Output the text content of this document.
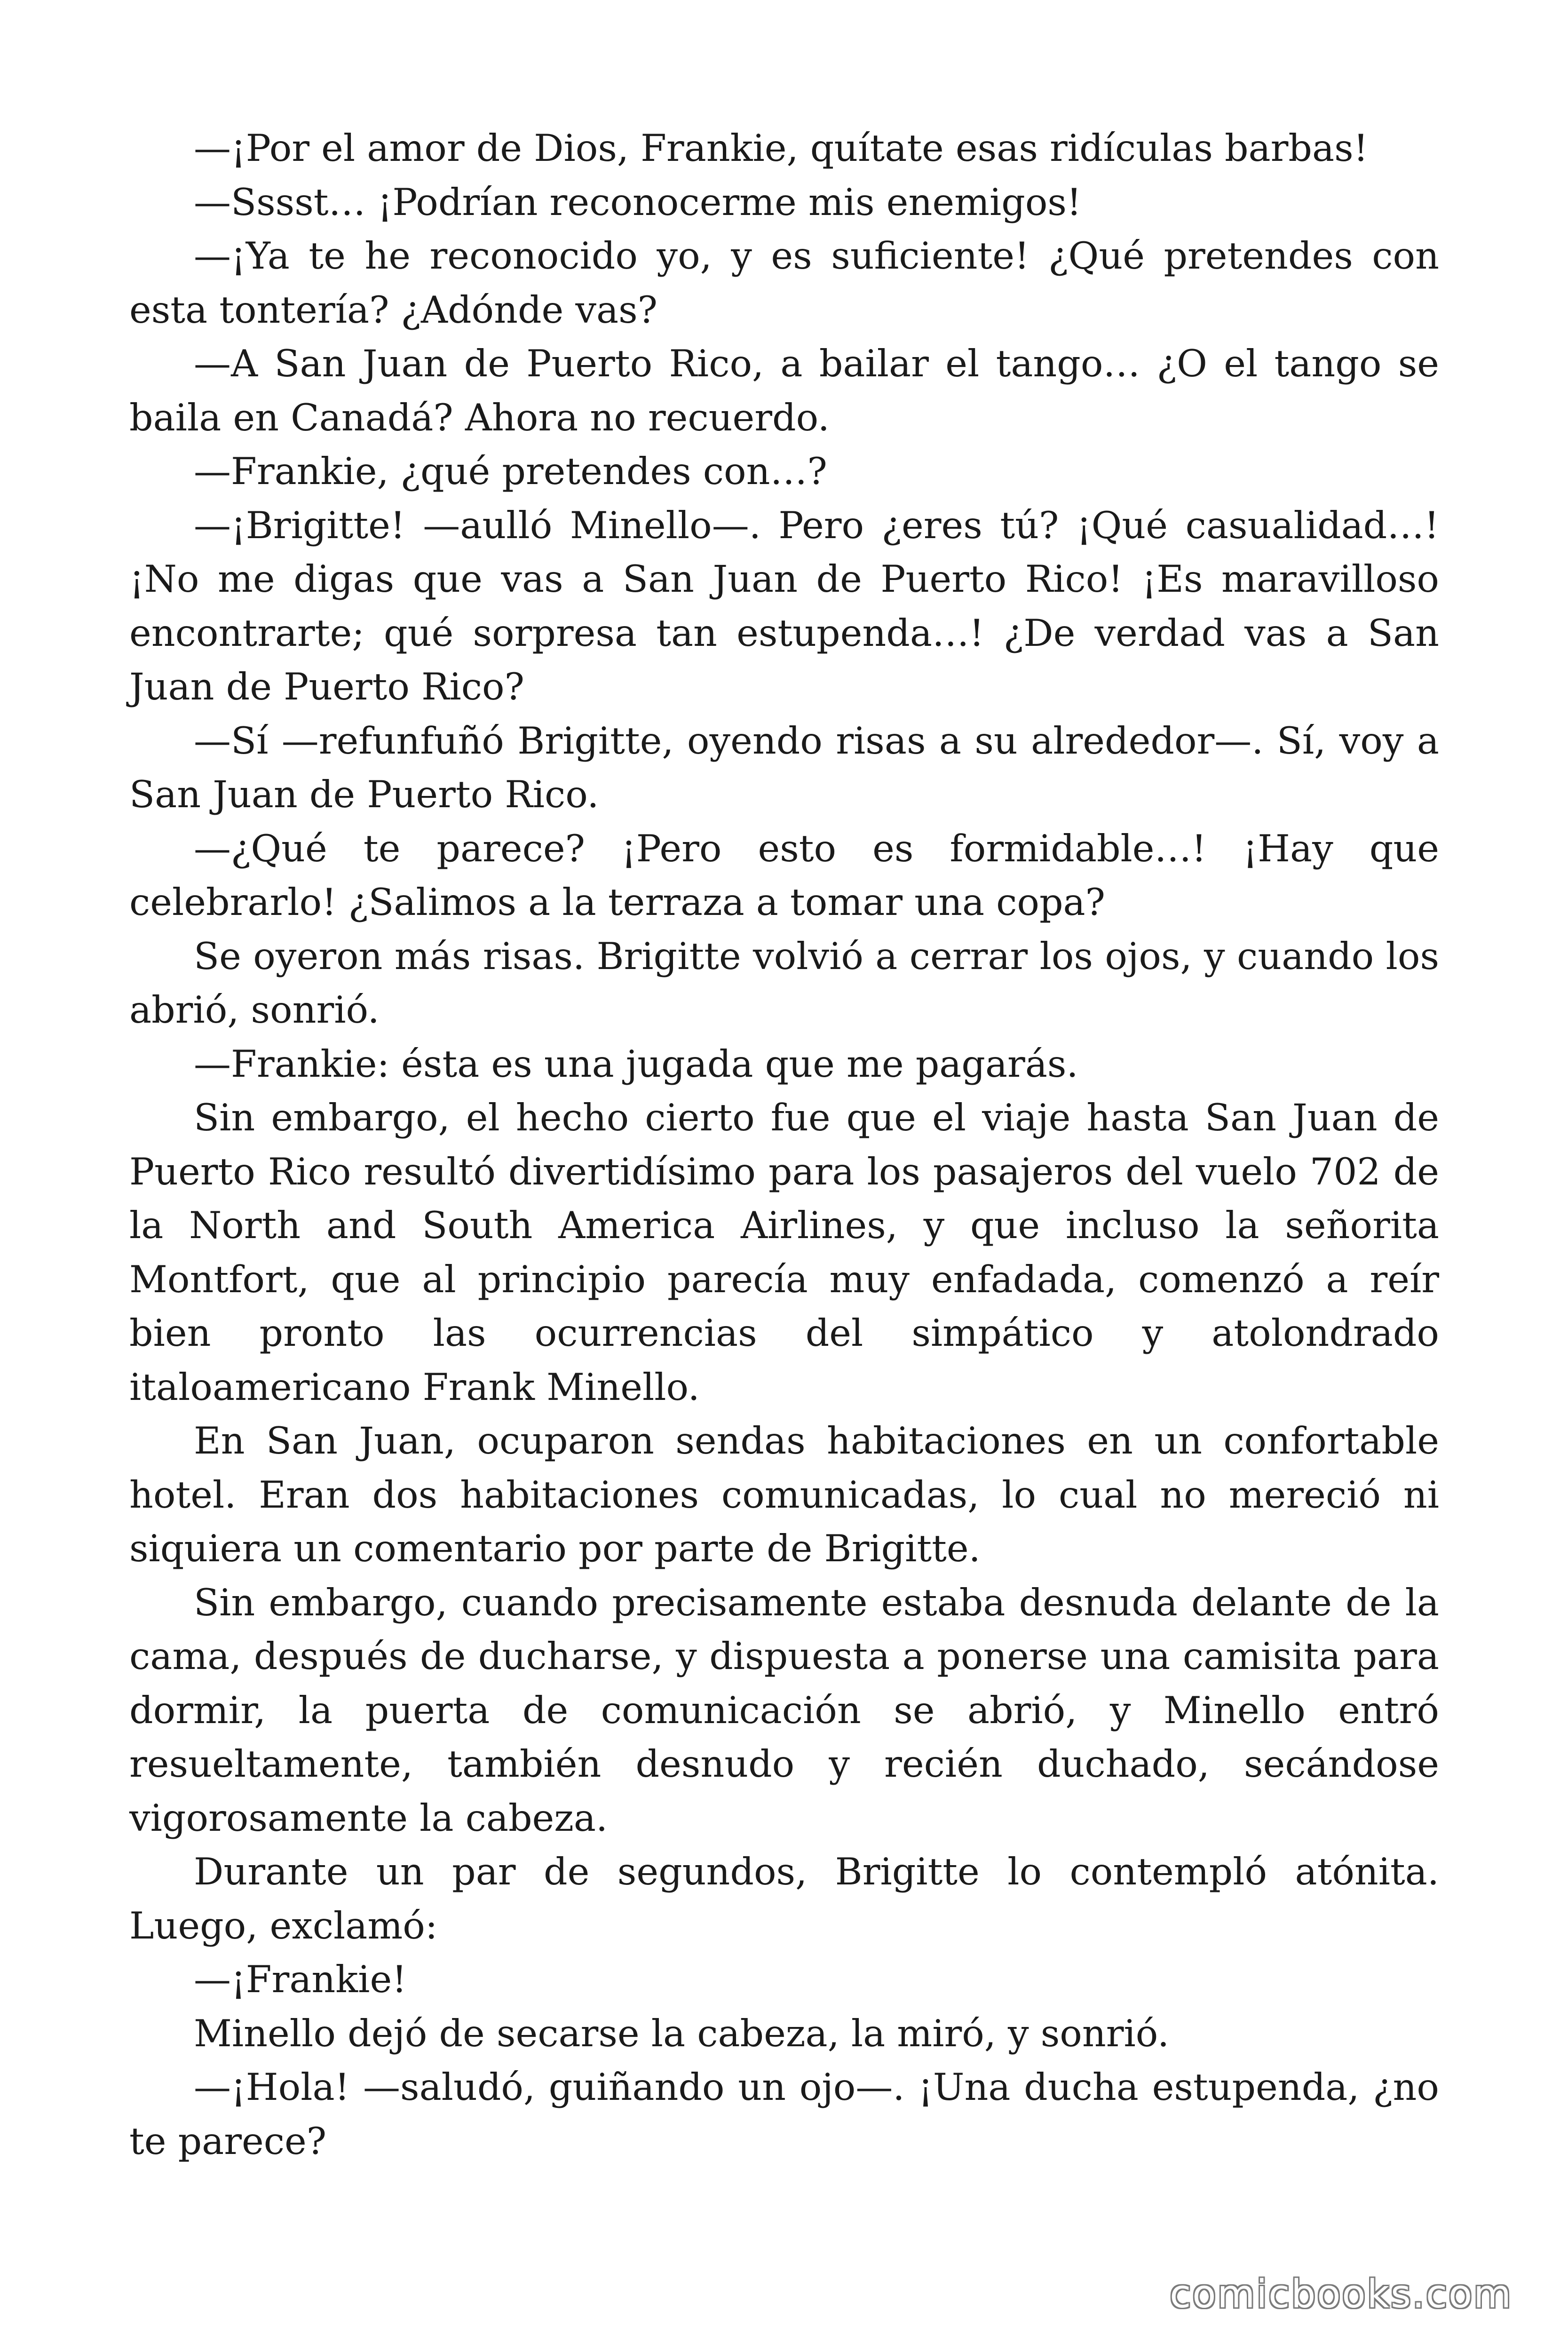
—¡Por el amor de Dios, Frankie, quítate esas ridículas barbas!

—Sssst… ¡Podrían reconocerme mis enemigos!

—¡Ya te he reconocido yo, y es suficiente! ¿Qué pretendes con esta tontería? ¿Adónde vas?

—A San Juan de Puerto Rico, a bailar el tango… ¿O el tango se baila en Canadá? Ahora no recuerdo.

—Frankie, ¿qué pretendes con…?

—¡Brigitte! —aulló Minello—. Pero ¿eres tú? ¡Qué casualidad…! ¡No me digas que vas a San Juan de Puerto Rico! ¡Es maravilloso encontrarte; qué sorpresa tan estupenda…! ¿De verdad vas a San Juan de Puerto Rico?

—Sí —refunfuñó Brigitte, oyendo risas a su alrededor—. Sí, voy a San Juan de Puerto Rico.

—¿Qué te parece? ¡Pero esto es formidable…! ¡Hay que celebrarlo! ¿Salimos a la terraza a tomar una copa?

Se oyeron más risas. Brigitte volvió a cerrar los ojos, y cuando los abrió, sonrió.

—Frankie: ésta es una jugada que me pagarás.

Sin embargo, el hecho cierto fue que el viaje hasta San Juan de Puerto Rico resultó divertidísimo para los pasajeros del vuelo 702 de la North and South America Airlines, y que incluso la señorita Montfort, que al principio parecía muy enfadada, comenzó a reír bien pronto las ocurrencias del simpático y atolondrado italoamericano Frank Minello.

En San Juan, ocuparon sendas habitaciones en un confortable hotel. Eran dos habitaciones comunicadas, lo cual no mereció ni siquiera un comentario por parte de Brigitte.

Sin embargo, cuando precisamente estaba desnuda delante de la cama, después de ducharse, y dispuesta a ponerse una camisita para dormir, la puerta de comunicación se abrió, y Minello entró resueltamente, también desnudo y recién duchado, secándose vigorosamente la cabeza.

Durante un par de segundos, Brigitte lo contempló atónita. Luego, exclamó:

—¡Frankie!

Minello dejó de secarse la cabeza, la miró, y sonrió.

—¡Hola! —saludó, guiñando un ojo—. ¡Una ducha estupenda, ¿no te parece?

comicbooks.com
